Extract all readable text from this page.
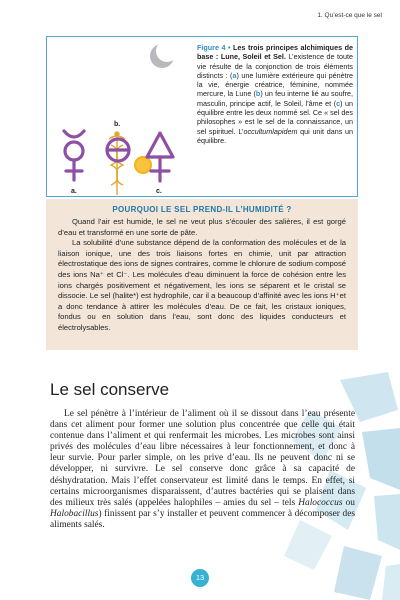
1. Qu’est-ce que le sel
a.
b.
c.
Figure 4 • Les trois principes alchimiques de base : Lune, Soleil et Sel. L’existence de toute vie résulte de la conjonction de trois éléments distincts : (a) une lumière extérieure qui pénètre la vie, énergie créatrice, féminine, nommée mercure, la Lune (b) un feu interne lié au soufre, masculin, principe actif, le Soleil, l’âme et (c) un équilibre entre les deux nommé sel. Ce « sel des philosophes » est le sel de la connaissance, un sel spirituel. L’occultumlapidem qui unit dans un équilibre.
POURQUOI LE SEL PREND-IL L’HUMIDITÉ ?

Quand l’air est humide, le sel ne veut plus s’écouler des salières, il est gorgé d’eau et transformé en une sorte de pâte.

La solubilité d’une substance dépend de la conformation des molécules et de la liaison ionique, une des trois liaisons fortes en chimie, unit par attraction électrostatique des ions de signes contraires, comme le chlorure de sodium composé des ions Na⁺ et Cl⁻. Les molécules d’eau diminuent la force de cohésion entre les ions chargés positivement et négativement, les ions se séparent et le cristal se dissocie. Le sel (halite*) est hydrophile, car il a beaucoup d’affinité avec les ions H⁺et a donc tendance à attirer les molécules d’eau. De ce fait, les cristaux ioniques, fondus ou en solution dans l’eau, sont donc des liquides conducteurs et électrolysables.

Le sel conserve

Le sel pénètre à l’intérieur de l’aliment où il se dissout dans l’eau présente dans cet aliment pour former une solution plus concentrée que celle qui était contenue dans l’aliment et qui renfermait les microbes. Les microbes sont ainsi privés des molécules d’eau libre nécessaires à leur fonctionnement, et donc à leur survie. Pour parler simple, on les prive d’eau. Ils ne peuvent donc ni se développer, ni survivre. Le sel conserve donc grâce à sa capacité de déshydratation. Mais l’effet conservateur est limité dans le temps. En effet, si certains microorganismes disparaissent, d’autres bactéries qui se plaisent dans des milieux très salés (appelées halophiles – amies du sel – tels Halococcus ou Halobacillus) finissent par s’y installer et peuvent commencer à décomposer des aliments salés.

13
